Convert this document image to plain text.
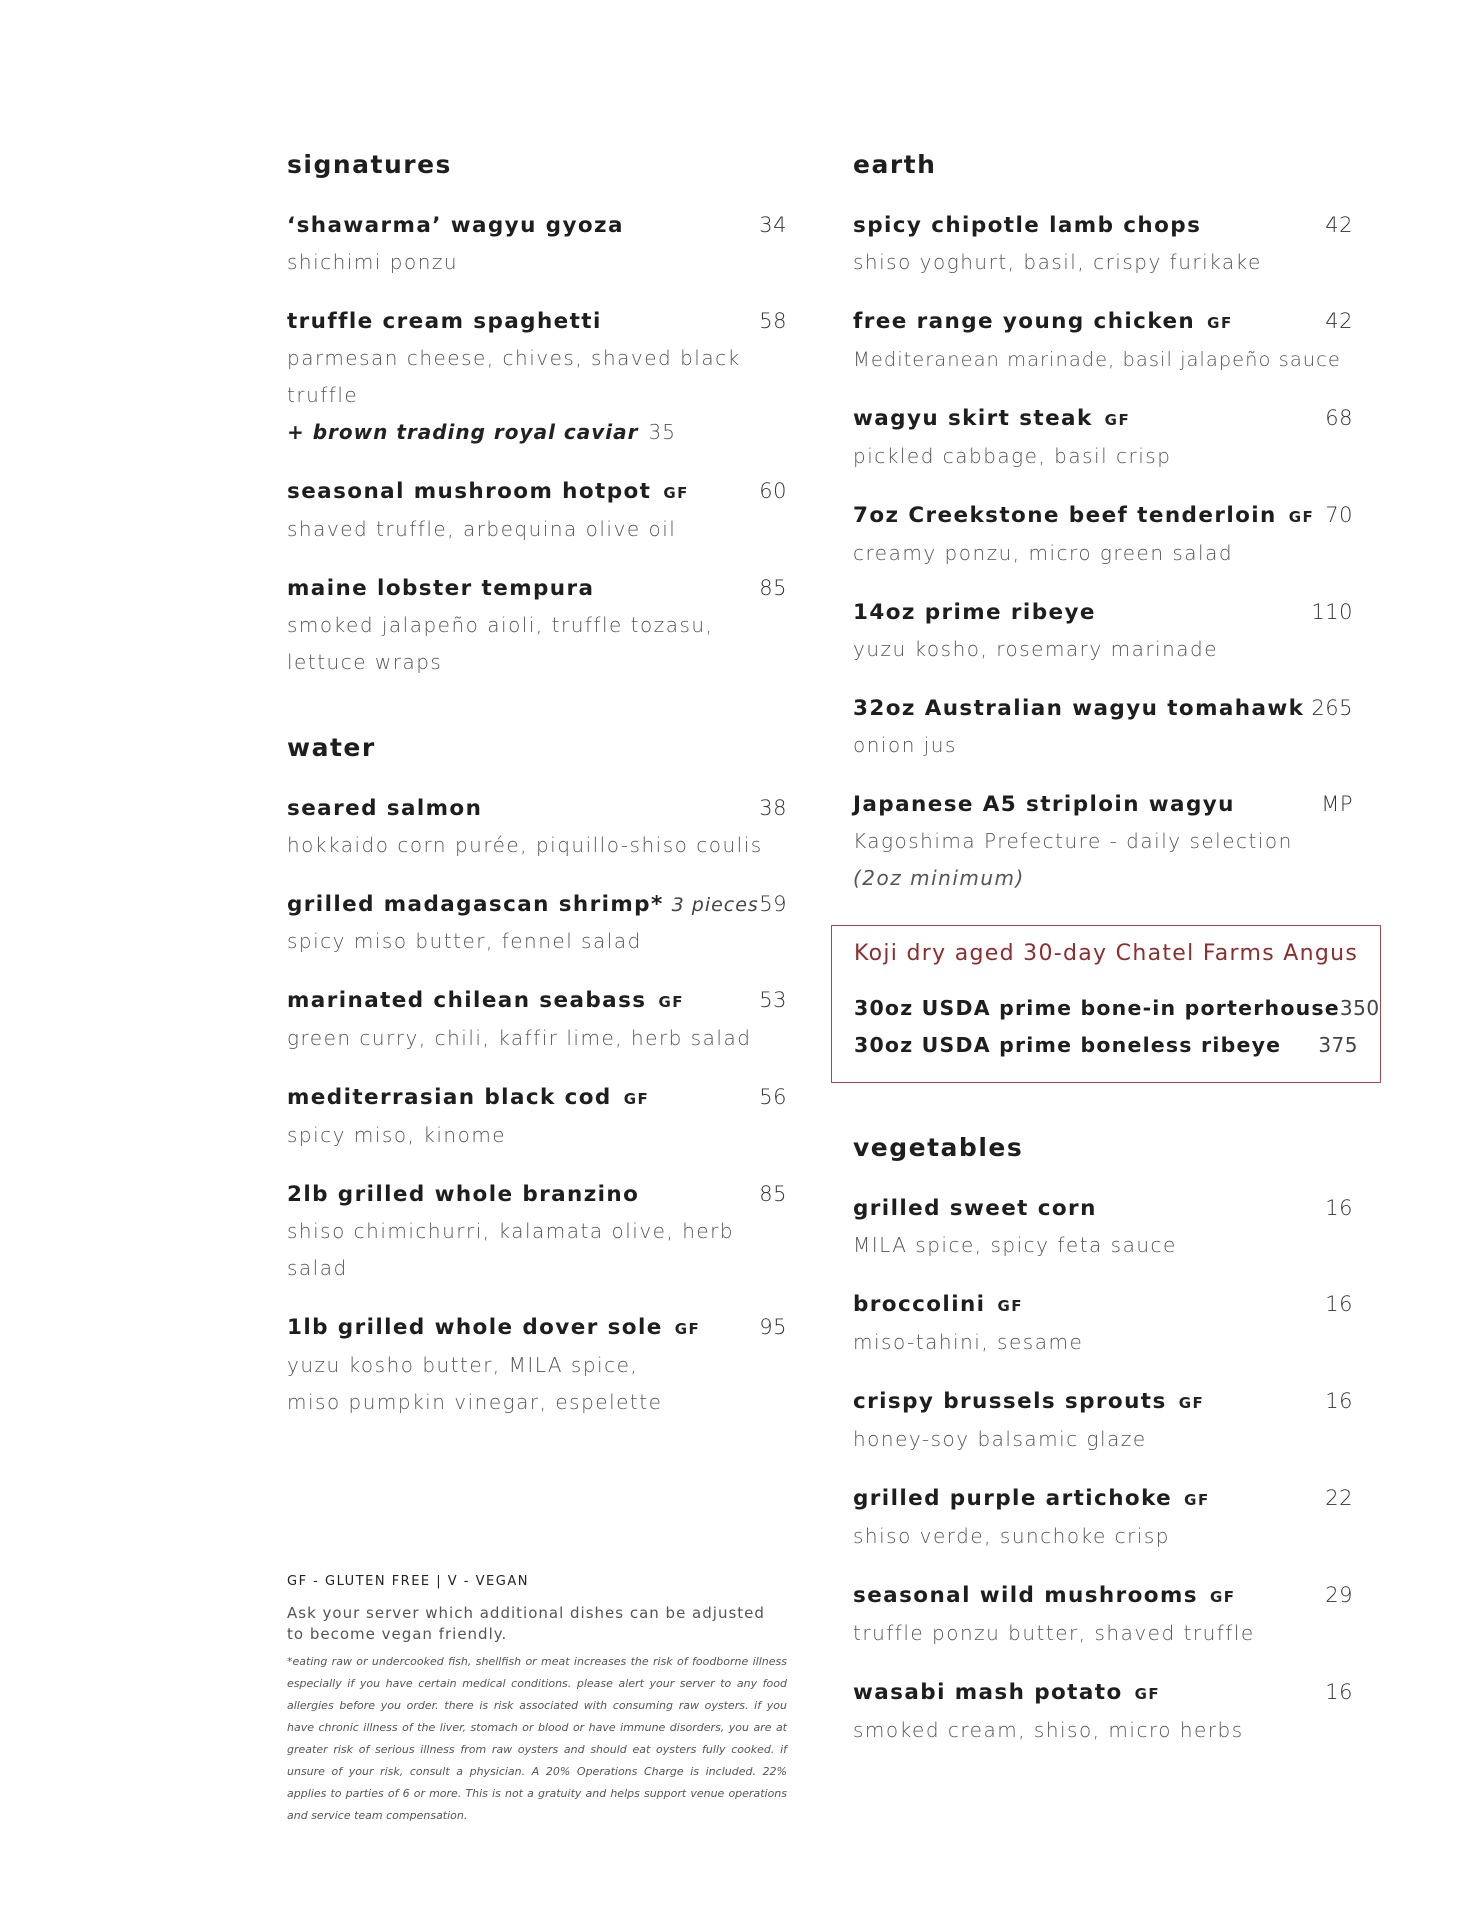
signatures
‘shawarma’ wagyu gyoza	34
shichimi ponzu
truffle cream spaghetti	58
parmesan cheese, chives, shaved black truffle
+ brown trading royal caviar 35
seasonal mushroom hotpot GF	60
shaved truffle, arbequina olive oil
maine lobster tempura	85
smoked jalapeño aioli, truffle tozasu,
lettuce wraps
water
seared salmon	38
hokkaido corn purée, piquillo-shiso coulis
grilled madagascan shrimp* 3 pieces 59
spicy miso butter, fennel salad
marinated chilean seabass GF	53
green curry, chili, kaffir lime, herb salad
mediterrasian black cod GF	56
spicy miso, kinome
2lb grilled whole branzino	85
shiso chimichurri, kalamata olive, herb salad
1lb grilled whole dover sole GF	95
yuzu kosho butter, MILA spice,
miso pumpkin vinegar, espelette
earth
spicy chipotle lamb chops	42
shiso yoghurt, basil, crispy furikake
free range young chicken GF	42
Mediteranean marinade, basil jalapeño sauce
wagyu skirt steak GF	68
pickled cabbage, basil crisp
7oz Creekstone beef tenderloin GF 70
creamy ponzu, micro green salad
14oz prime ribeye	110
yuzu kosho, rosemary marinade
32oz Australian wagyu tomahawk 265
onion jus
Japanese A5 striploin wagyu	MP
Kagoshima Prefecture - daily selection
(2oz minimum)
vegetables
grilled sweet corn	16
MILA spice, spicy feta sauce
broccolini GF	16
miso-tahini, sesame
crispy brussels sprouts GF	16
honey-soy balsamic glaze
grilled purple artichoke GF	22
shiso verde, sunchoke crisp
seasonal wild mushrooms GF	29
truffle ponzu butter, shaved truffle
wasabi mash potato GF	16
smoked cream, shiso, micro herbs
Koji dry aged 30-day Chatel Farms Angus
30oz USDA prime bone-in porterhouse 350
30oz USDA prime boneless ribeye 375
GF - GLUTEN FREE | V - VEGAN
Ask your server which additional dishes can be adjusted to become vegan friendly.
*eating raw or undercooked fish, shellfish or meat increases the risk of foodborne illness especially if you have certain medical conditions. please alert your server to any food allergies before you order. there is risk associated with consuming raw oysters. if you have chronic illness of the liver, stomach or blood or have immune disorders, you are at greater risk of serious illness from raw oysters and should eat oysters fully cooked. if unsure of your risk, consult a physician. A 20% Operations Charge is included. 22% applies to parties of 6 or more. This is not a gratuity and helps support venue operations and service team compensation.
